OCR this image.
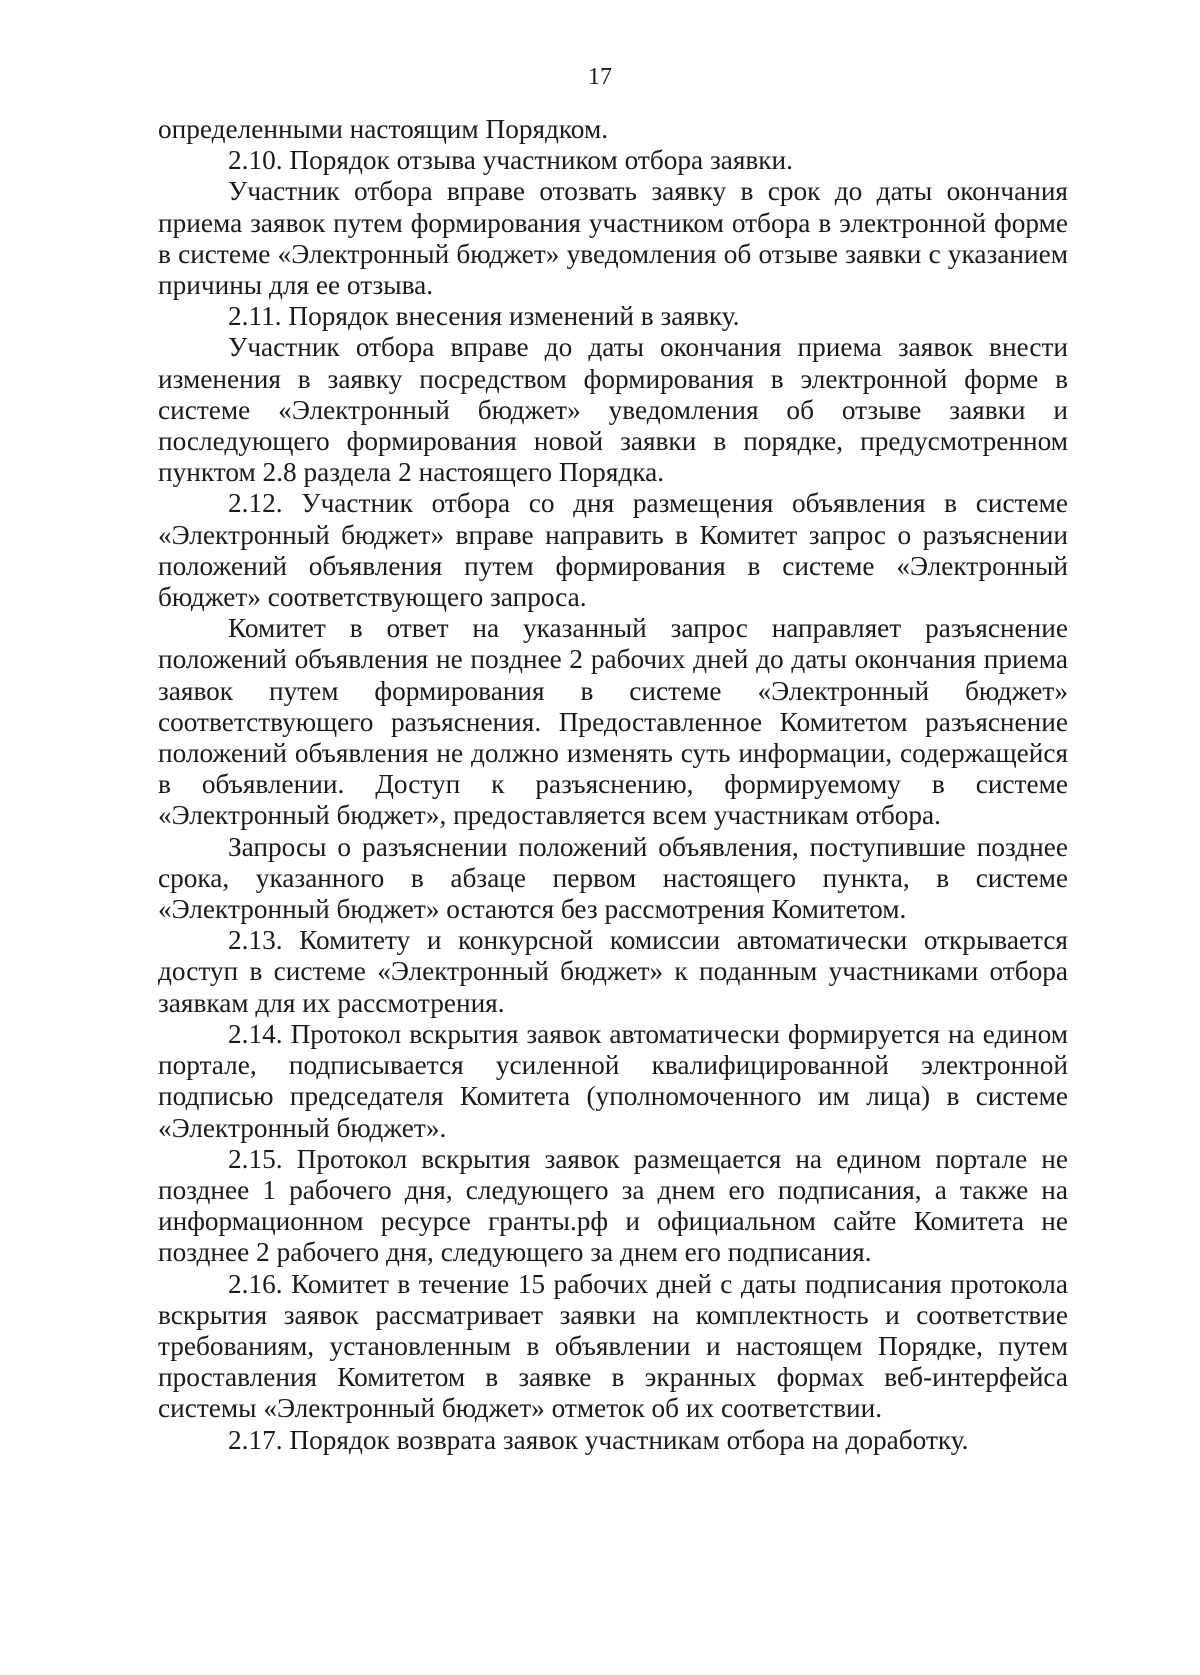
17

определенными настоящим Порядком.

2.10. Порядок отзыва участником отбора заявки.

Участник отбора вправе отозвать заявку в срок до даты окончания приема заявок путем формирования участником отбора в электронной форме в системе «Электронный бюджет» уведомления об отзыве заявки с указанием причины для ее отзыва.

2.11. Порядок внесения изменений в заявку.

Участник отбора вправе до даты окончания приема заявок внести изменения в заявку посредством формирования в электронной форме в системе «Электронный бюджет» уведомления об отзыве заявки и последующего формирования новой заявки в порядке, предусмотренном пунктом 2.8 раздела 2 настоящего Порядка.

2.12. Участник отбора со дня размещения объявления в системе «Электронный бюджет» вправе направить в Комитет запрос о разъяснении положений объявления путем формирования в системе «Электронный бюджет» соответствующего запроса.

Комитет в ответ на указанный запрос направляет разъяснение положений объявления не позднее 2 рабочих дней до даты окончания приема заявок путем формирования в системе «Электронный бюджет» соответствующего разъяснения. Предоставленное Комитетом разъяснение положений объявления не должно изменять суть информации, содержащейся в объявлении. Доступ к разъяснению, формируемому в системе «Электронный бюджет», предоставляется всем участникам отбора.

Запросы о разъяснении положений объявления, поступившие позднее срока, указанного в абзаце первом настоящего пункта, в системе «Электронный бюджет» остаются без рассмотрения Комитетом.

2.13. Комитету и конкурсной комиссии автоматически открывается доступ в системе «Электронный бюджет» к поданным участниками отбора заявкам для их рассмотрения.

2.14. Протокол вскрытия заявок автоматически формируется на едином портале, подписывается усиленной квалифицированной электронной подписью председателя Комитета (уполномоченного им лица) в системе «Электронный бюджет».

2.15. Протокол вскрытия заявок размещается на едином портале не позднее 1 рабочего дня, следующего за днем его подписания, а также на информационном ресурсе гранты.рф и официальном сайте Комитета не позднее 2 рабочего дня, следующего за днем его подписания.

2.16. Комитет в течение 15 рабочих дней с даты подписания протокола вскрытия заявок рассматривает заявки на комплектность и соответствие требованиям, установленным в объявлении и настоящем Порядке, путем проставления Комитетом в заявке в экранных формах веб-интерфейса системы «Электронный бюджет» отметок об их соответствии.

2.17. Порядок возврата заявок участникам отбора на доработку.
